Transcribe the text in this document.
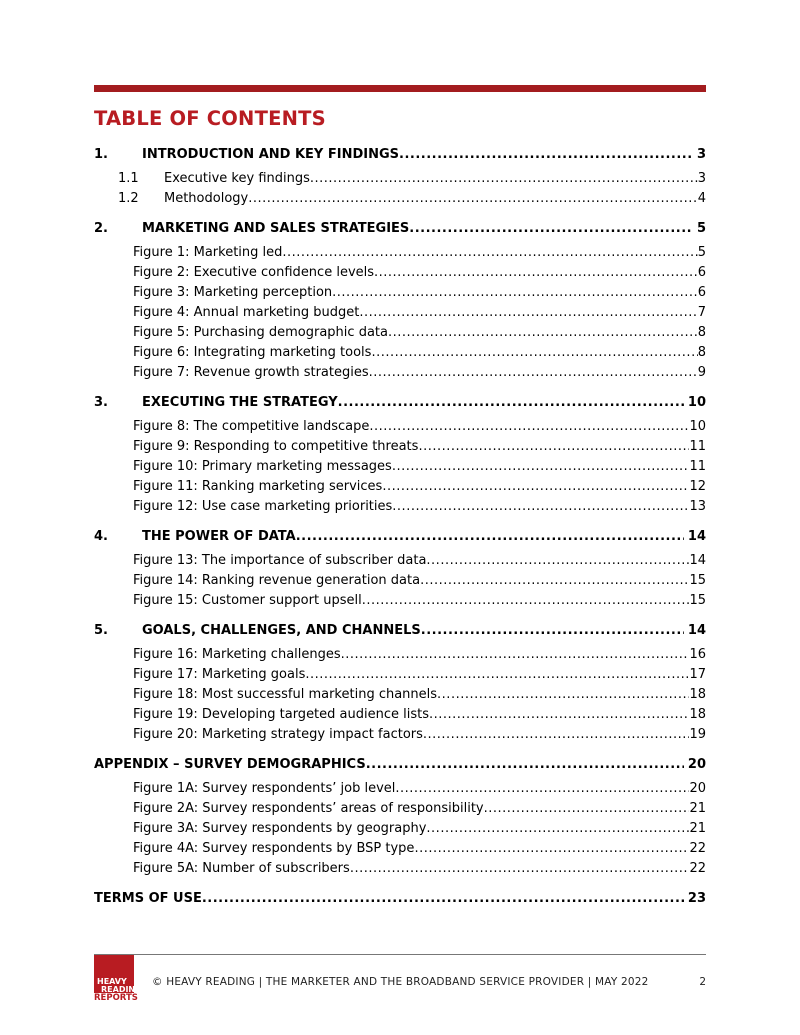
TABLE OF CONTENTS
1.	INTRODUCTION AND KEY FINDINGS .....	3
1.1 Executive key findings .....	3
1.2 Methodology .....	4
2.	MARKETING AND SALES STRATEGIES .....	5
Figure 1: Marketing led .....	5
Figure 2: Executive confidence levels .....	6
Figure 3: Marketing perception .....	6
Figure 4: Annual marketing budget .....	7
Figure 5: Purchasing demographic data .....	8
Figure 6: Integrating marketing tools .....	8
Figure 7: Revenue growth strategies .....	9
3.	EXECUTING THE STRATEGY .....	10
Figure 8: The competitive landscape .....	10
Figure 9: Responding to competitive threats .....	11
Figure 10: Primary marketing messages .....	11
Figure 11: Ranking marketing services .....	12
Figure 12: Use case marketing priorities .....	13
4.	THE POWER OF DATA .....	14
Figure 13: The importance of subscriber data .....	14
Figure 14: Ranking revenue generation data .....	15
Figure 15: Customer support upsell .....	15
5.	GOALS, CHALLENGES, AND CHANNELS .....	14
Figure 16: Marketing challenges .....	16
Figure 17: Marketing goals .....	17
Figure 18: Most successful marketing channels .....	18
Figure 19: Developing targeted audience lists .....	18
Figure 20: Marketing strategy impact factors .....	19
APPENDIX – SURVEY DEMOGRAPHICS .....	20
Figure 1A: Survey respondents’ job level .....	20
Figure 2A: Survey respondents’ areas of responsibility .....	21
Figure 3A: Survey respondents by geography .....	21
Figure 4A: Survey respondents by BSP type .....	22
Figure 5A: Number of subscribers .....	22
TERMS OF USE .....	23
HEAVY
READING
REPORTS
© HEAVY READING | THE MARKETER AND THE BROADBAND SERVICE PROVIDER | MAY 2022	2
